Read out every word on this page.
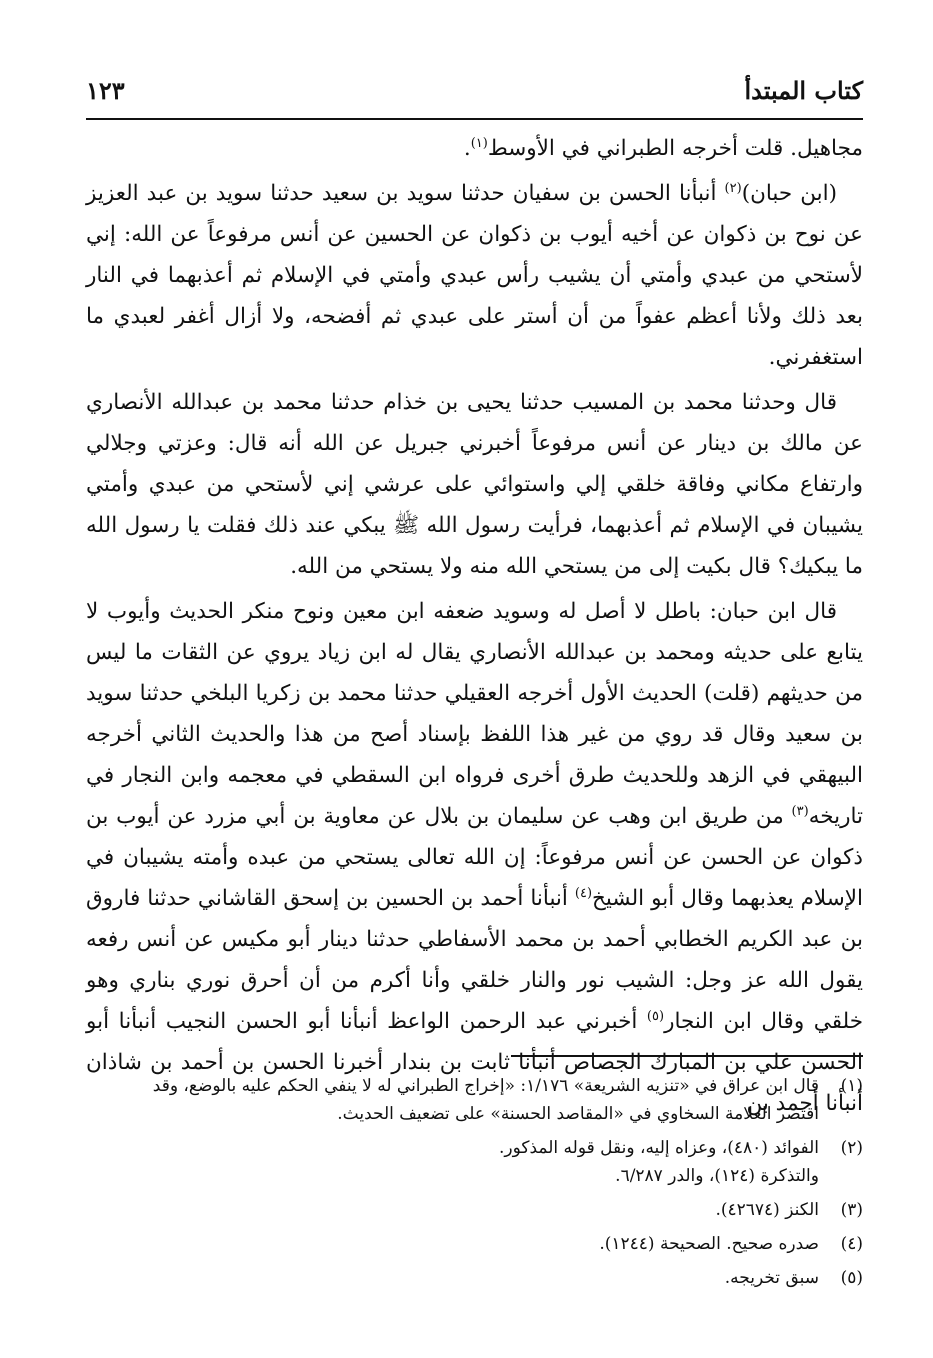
كتاب المبتدأ
١٢٣

مجاهيل. قلت أخرجه الطبراني في الأوسط$^{(١)}$.

(ابن حبان)$^{(٢)}$ أنبأنا الحسن بن سفيان حدثنا سويد بن سعيد حدثنا سويد بن عبد العزيز عن نوح بن ذكوان عن أخيه أيوب بن ذكوان عن الحسين عن أنس مرفوعاً عن الله: إني لأستحي من عبدي وأمتي أن يشيب رأس عبدي وأمتي في الإسلام ثم أعذبهما في النار بعد ذلك ولأنا أعظم عفواً من أن أستر على عبدي ثم أفضحه، ولا أزال أغفر لعبدي ما استغفرني.

قال وحدثنا محمد بن المسيب حدثنا يحيى بن خذام حدثنا محمد بن عبدالله الأنصاري عن مالك بن دينار عن أنس مرفوعاً أخبرني جبريل عن الله أنه قال: وعزتي وجلالي وارتفاع مكاني وفاقة خلقي إلي واستوائي على عرشي إني لأستحي من عبدي وأمتي يشيبان في الإسلام ثم أعذبهما، فرأيت رسول الله ﷺ يبكي عند ذلك فقلت يا رسول الله ما يبكيك؟ قال بكيت إلى من يستحي الله منه ولا يستحي من الله.

قال ابن حبان: باطل لا أصل له وسويد ضعفه ابن معين ونوح منكر الحديث وأيوب لا يتابع على حديثه ومحمد بن عبدالله الأنصاري يقال له ابن زياد يروي عن الثقات ما ليس من حديثهم (قلت) الحديث الأول أخرجه العقيلي حدثنا محمد بن زكريا البلخي حدثنا سويد بن سعيد وقال قد روي من غير هذا اللفظ بإسناد أصح من هذا والحديث الثاني أخرجه البيهقي في الزهد وللحديث طرق أخرى فرواه ابن السقطي في معجمه وابن النجار في تاريخه$^{(٣)}$ من طريق ابن وهب عن سليمان بن بلال عن معاوية بن أبي مزرد عن أيوب بن ذكوان عن الحسن عن أنس مرفوعاً: إن الله تعالى يستحي من عبده وأمته يشيبان في الإسلام يعذبهما وقال أبو الشيخ$^{(٤)}$ أنبأنا أحمد بن الحسين بن إسحق القاشاني حدثنا فاروق بن عبد الكريم الخطابي أحمد بن محمد الأسفاطي حدثنا دينار أبو مكيس عن أنس رفعه يقول الله عز وجل: الشيب نور والنار خلقي وأنا أكرم من أن أحرق نوري بناري وهو خلقي وقال ابن النجار$^{(٥)}$ أخبرني عبد الرحمن الواعظ أنبأنا أبو الحسن النجيب أنبأنا أبو الحسن علي بن المبارك الجصاص أنبأنا ثابت بن بندار أخبرنا الحسن بن أحمد بن شاذان أنبأنا أحمد بن

(١)
قال ابن عراق في «تنزيه الشريعة» ١/١٧٦: «إخراج الطبراني له لا ينفي الحكم عليه بالوضع، وقد
اقتصر العلامة السخاوي في «المقاصد الحسنة» على تضعيف الحديث.
(٢)
الفوائد (٤٨٠)، وعزاه إليه، ونقل قوله المذكور.
والتذكرة (١٢٤)، والدر ٦/٢٨٧.
(٣)
الكنز (٤٢٦٧٤).
(٤)
صدره صحيح. الصحيحة (١٢٤٤).
(٥)
سبق تخريجه.
